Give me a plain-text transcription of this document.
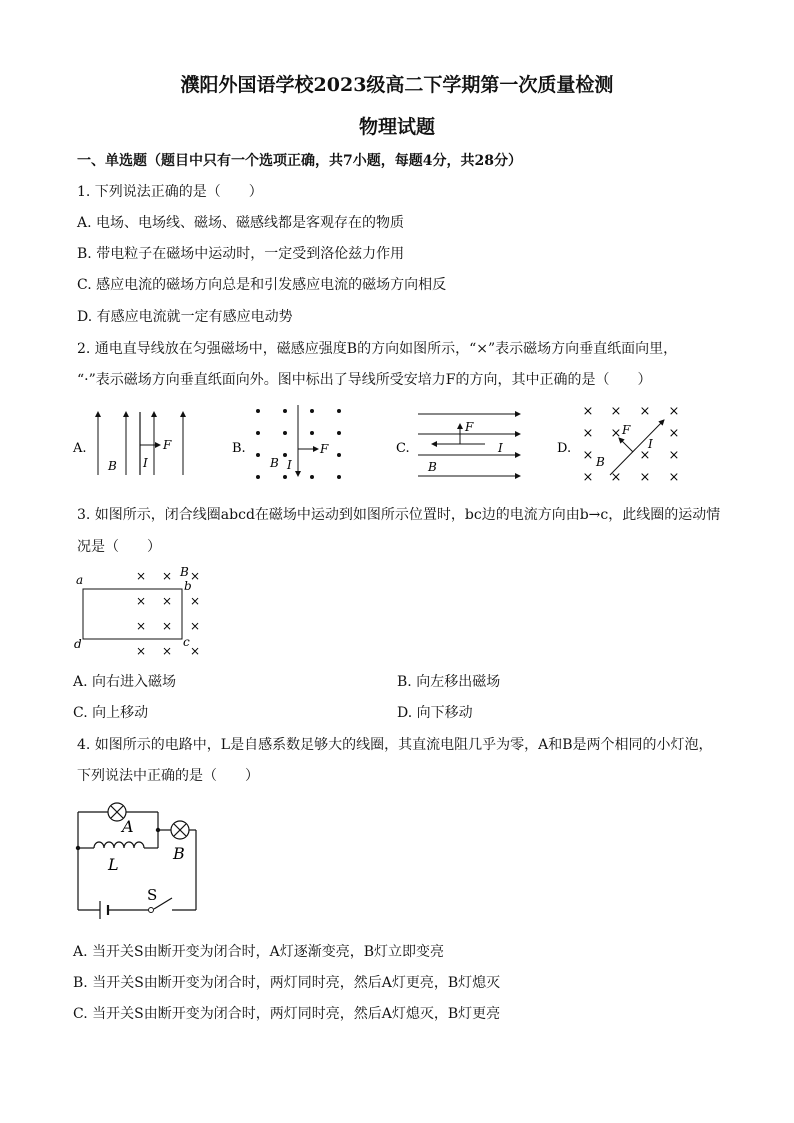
濮阳外国语学校2023级高二下学期第一次质量检测
物理试题
一、单选题（题目中只有一个选项正确，共7小题，每题4分，共28分）
1. 下列说法正确的是（　　）
A. 电场、电场线、磁场、磁感线都是客观存在的物质
B. 带电粒子在磁场中运动时，一定受到洛伦兹力作用
C. 感应电流的磁场方向总是和引发感应电流的磁场方向相反
D. 有感应电流就一定有感应电动势
2. 通电直导线放在匀强磁场中，磁感应强度B的方向如图所示，“×”表示磁场方向垂直纸面向里，
“·”表示磁场方向垂直纸面向外。图中标出了导线所受安培力F的方向，其中正确的是（　　）
A.
B I
F	B.
B I
F	C.
F
I
B
D.
× × × ×
× ×	×
×	× ×
× × × ×
F
I
B
3. 如图所示，闭合线圈abcd在磁场中运动到如图所示位置时，bc边的电流方向由b→c，此线圈的运动情
况是（　　）
a	b
c
d
B
× × ×
× × ×
× × ×
× × ×
A. 向右进入磁场	B. 向左移出磁场
C. 向上移动	D. 向下移动
4. 如图所示的电路中，L是自感系数足够大的线圈，其直流电阻几乎为零，A和B是两个相同的小灯泡，
下列说法中正确的是（　　）
A
B
L
S
A. 当开关S由断开变为闭合时，A灯逐渐变亮，B灯立即变亮
B. 当开关S由断开变为闭合时，两灯同时亮，然后A灯更亮，B灯熄灭
C. 当开关S由断开变为闭合时，两灯同时亮，然后A灯熄灭，B灯更亮
